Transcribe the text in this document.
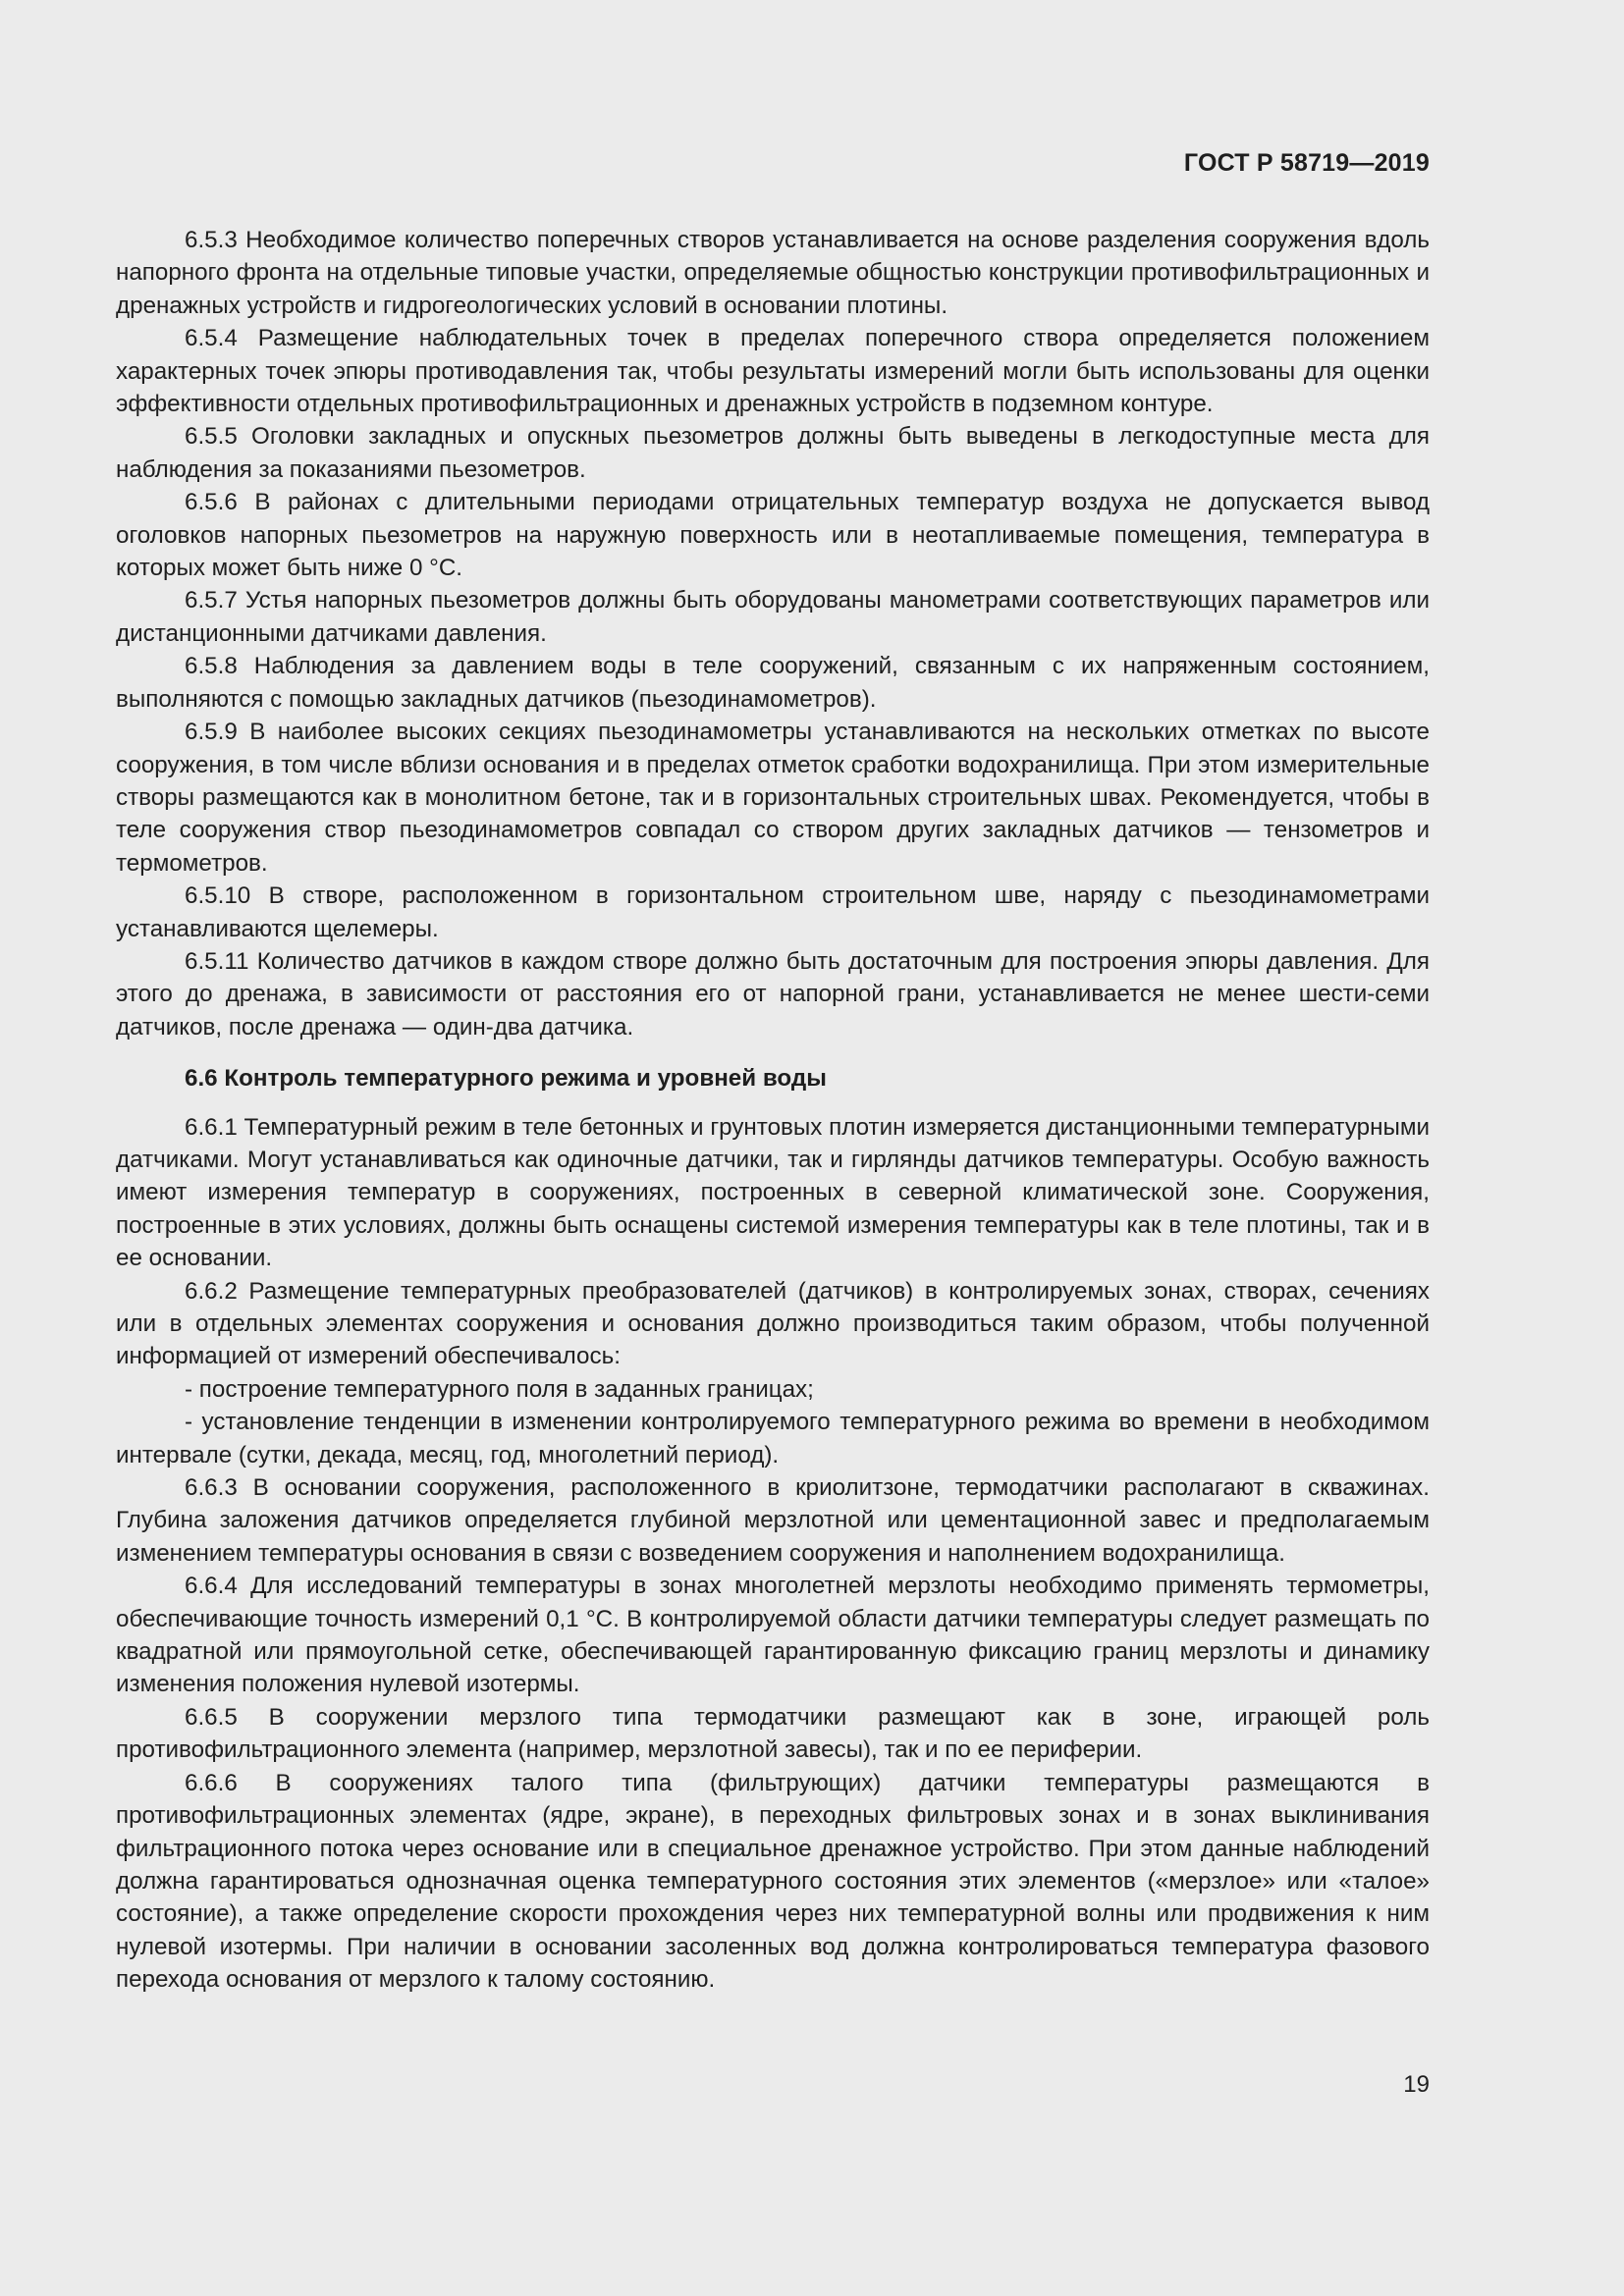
ГОСТ Р 58719—2019

6.5.3 Необходимое количество поперечных створов устанавливается на основе разделения сооружения вдоль напорного фронта на отдельные типовые участки, определяемые общностью конструкции противофильтрационных и дренажных устройств и гидрогеологических условий в основании плотины.

6.5.4 Размещение наблюдательных точек в пределах поперечного створа определяется положением характерных точек эпюры противодавления так, чтобы результаты измерений могли быть использованы для оценки эффективности отдельных противофильтрационных и дренажных устройств в подземном контуре.

6.5.5 Оголовки закладных и опускных пьезометров должны быть выведены в легкодоступные места для наблюдения за показаниями пьезометров.

6.5.6 В районах с длительными периодами отрицательных температур воздуха не допускается вывод оголовков напорных пьезометров на наружную поверхность или в неотапливаемые помещения, температура в которых может быть ниже 0 °С.

6.5.7 Устья напорных пьезометров должны быть оборудованы манометрами соответствующих параметров или дистанционными датчиками давления.

6.5.8 Наблюдения за давлением воды в теле сооружений, связанным с их напряженным состоянием, выполняются с помощью закладных датчиков (пьезодинамометров).

6.5.9 В наиболее высоких секциях пьезодинамометры устанавливаются на нескольких отметках по высоте сооружения, в том числе вблизи основания и в пределах отметок сработки водохранилища. При этом измерительные створы размещаются как в монолитном бетоне, так и в горизонтальных строительных швах. Рекомендуется, чтобы в теле сооружения створ пьезодинамометров совпадал со створом других закладных датчиков — тензометров и термометров.

6.5.10 В створе, расположенном в горизонтальном строительном шве, наряду с пьезодинамометрами устанавливаются щелемеры.

6.5.11 Количество датчиков в каждом створе должно быть достаточным для построения эпюры давления. Для этого до дренажа, в зависимости от расстояния его от напорной грани, устанавливается не менее шести-семи датчиков, после дренажа — один-два датчика.

6.6 Контроль температурного режима и уровней воды

6.6.1 Температурный режим в теле бетонных и грунтовых плотин измеряется дистанционными температурными датчиками. Могут устанавливаться как одиночные датчики, так и гирлянды датчиков температуры. Особую важность имеют измерения температур в сооружениях, построенных в северной климатической зоне. Сооружения, построенные в этих условиях, должны быть оснащены системой измерения температуры как в теле плотины, так и в ее основании.

6.6.2 Размещение температурных преобразователей (датчиков) в контролируемых зонах, створах, сечениях или в отдельных элементах сооружения и основания должно производиться таким образом, чтобы полученной информацией от измерений обеспечивалось:

- построение температурного поля в заданных границах;

- установление тенденции в изменении контролируемого температурного режима во времени в необходимом интервале (сутки, декада, месяц, год, многолетний период).

6.6.3 В основании сооружения, расположенного в криолитзоне, термодатчики располагают в скважинах. Глубина заложения датчиков определяется глубиной мерзлотной или цементационной завес и предполагаемым изменением температуры основания в связи с возведением сооружения и наполнением водохранилища.

6.6.4 Для исследований температуры в зонах многолетней мерзлоты необходимо применять термометры, обеспечивающие точность измерений 0,1 °С. В контролируемой области датчики температуры следует размещать по квадратной или прямоугольной сетке, обеспечивающей гарантированную фиксацию границ мерзлоты и динамику изменения положения нулевой изотермы.

6.6.5 В сооружении мерзлого типа термодатчики размещают как в зоне, играющей роль противофильтрационного элемента (например, мерзлотной завесы), так и по ее периферии.

6.6.6 В сооружениях талого типа (фильтрующих) датчики температуры размещаются в противофильтрационных элементах (ядре, экране), в переходных фильтровых зонах и в зонах выклинивания фильтрационного потока через основание или в специальное дренажное устройство. При этом данные наблюдений должна гарантироваться однозначная оценка температурного состояния этих элементов («мерзлое» или «талое» состояние), а также определение скорости прохождения через них температурной волны или продвижения к ним нулевой изотермы. При наличии в основании засоленных вод должна контролироваться температура фазового перехода основания от мерзлого к талому состоянию.

19
